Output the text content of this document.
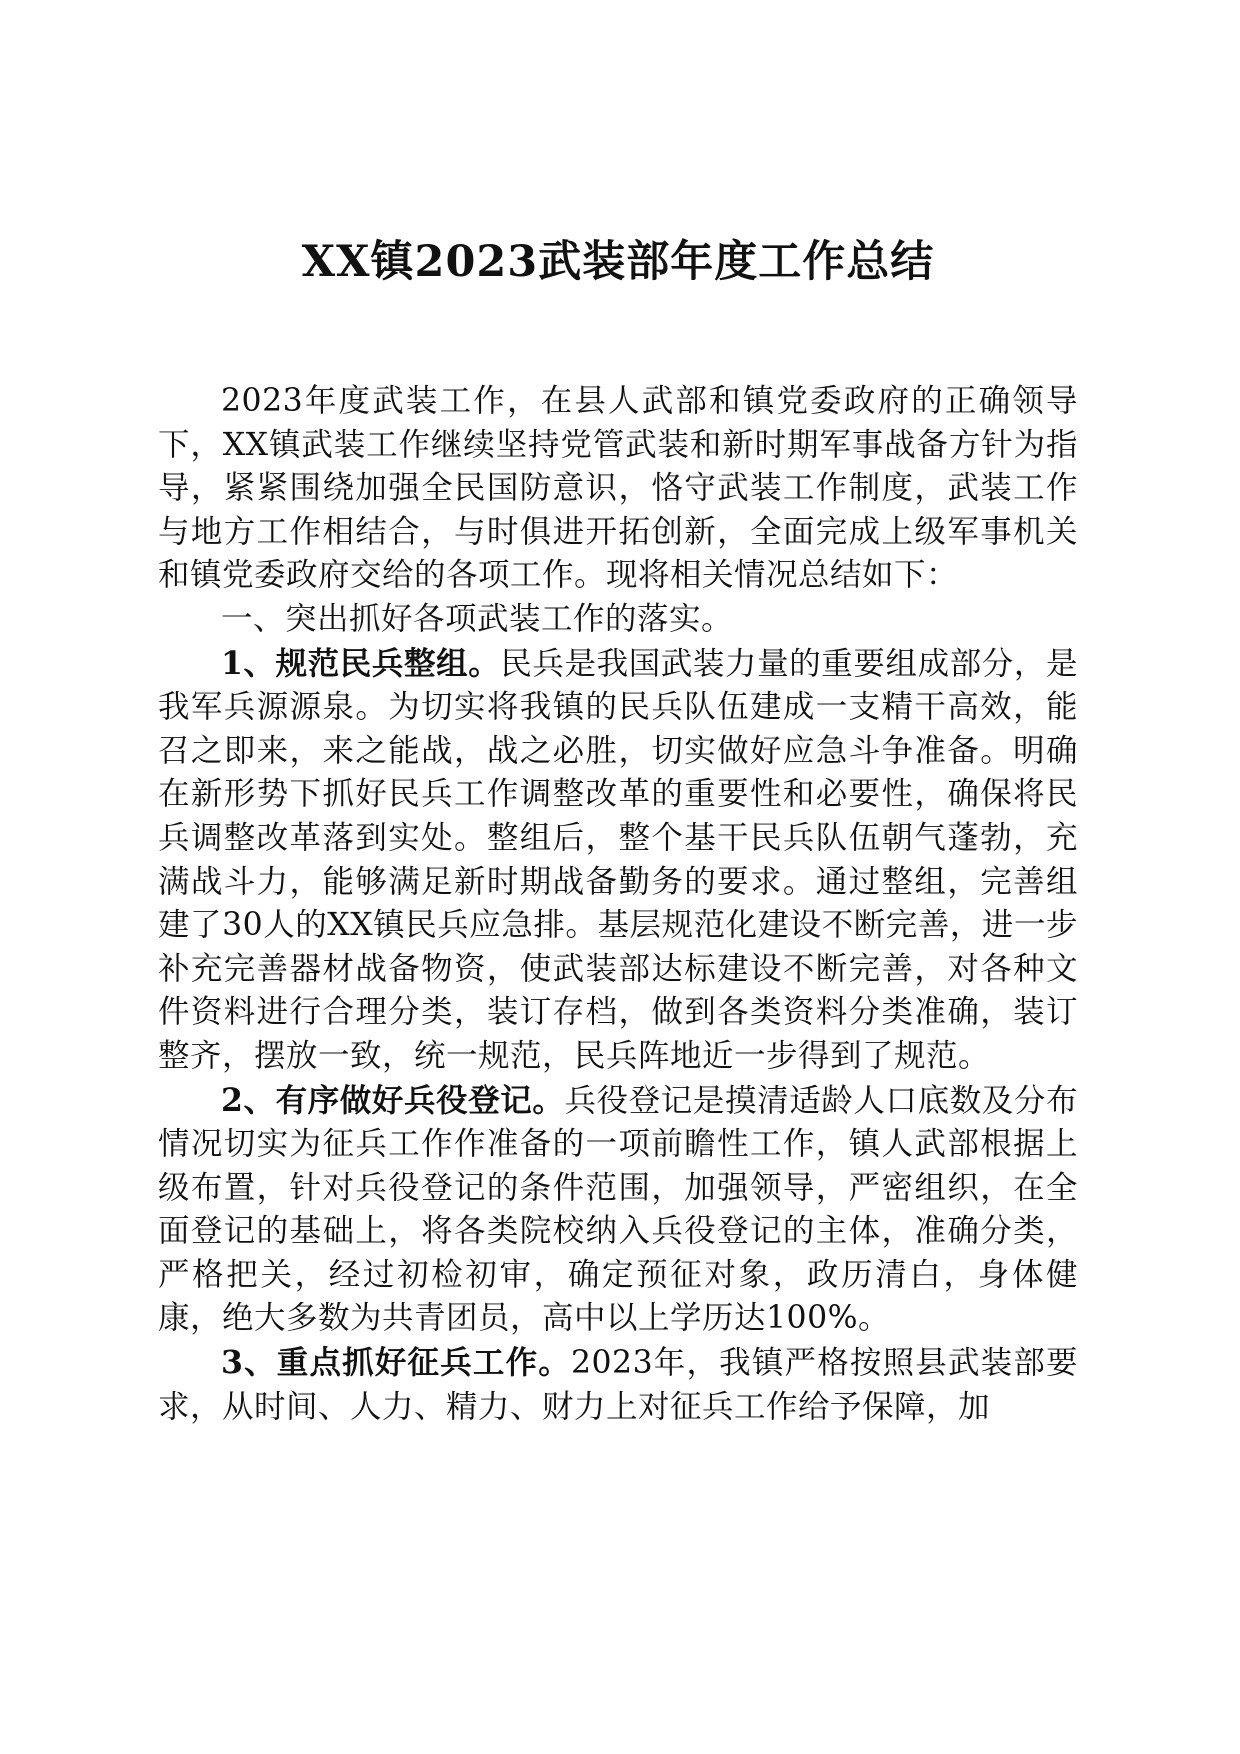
XX镇2023武装部年度工作总结

2023年度武装工作，在县人武部和镇党委政府的正确领导下，XX镇武装工作继续坚持党管武装和新时期军事战备方针为指导，紧紧围绕加强全民国防意识，恪守武装工作制度，武装工作与地方工作相结合，与时俱进开拓创新，全面完成上级军事机关和镇党委政府交给的各项工作。现将相关情况总结如下：

一、突出抓好各项武装工作的落实。

1、规范民兵整组。民兵是我国武装力量的重要组成部分，是我军兵源源泉。为切实将我镇的民兵队伍建成一支精干高效，能召之即来，来之能战，战之必胜，切实做好应急斗争准备。明确在新形势下抓好民兵工作调整改革的重要性和必要性，确保将民兵调整改革落到实处。整组后，整个基干民兵队伍朝气蓬勃，充满战斗力，能够满足新时期战备勤务的要求。通过整组，完善组建了30人的XX镇民兵应急排。基层规范化建设不断完善，进一步补充完善器材战备物资，使武装部达标建设不断完善，对各种文件资料进行合理分类，装订存档，做到各类资料分类准确，装订整齐，摆放一致，统一规范，民兵阵地近一步得到了规范。

2、有序做好兵役登记。兵役登记是摸清适龄人口底数及分布情况切实为征兵工作作准备的一项前瞻性工作，镇人武部根据上级布置，针对兵役登记的条件范围，加强领导，严密组织，在全面登记的基础上，将各类院校纳入兵役登记的主体，准确分类，严格把关，经过初检初审，确定预征对象，政历清白，身体健康，绝大多数为共青团员，高中以上学历达100%。

3、重点抓好征兵工作。2023年，我镇严格按照县武装部要求，从时间、人力、精力、财力上对征兵工作给予保障，加
